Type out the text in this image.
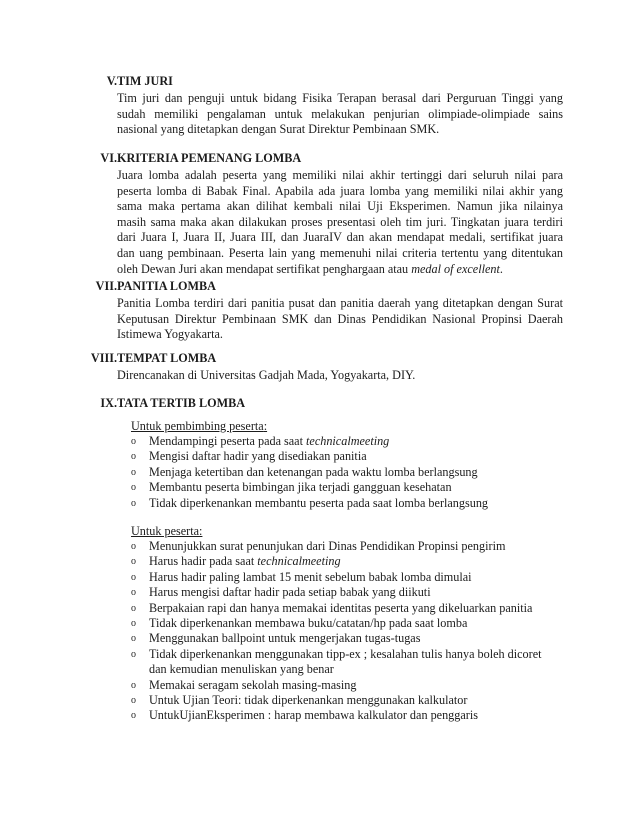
V. TIM JURI
Tim juri dan penguji untuk bidang Fisika Terapan berasal dari Perguruan Tinggi yang
sudah memiliki pengalaman untuk melakukan penjurian olimpiade-olimpiade sains
nasional yang ditetapkan dengan Surat Direktur Pembinaan SMK.
VI. KRITERIA PEMENANG LOMBA
Juara lomba adalah peserta yang memiliki nilai akhir tertinggi dari seluruh nilai para
peserta lomba di Babak Final. Apabila ada juara lomba yang memiliki nilai akhir yang
sama maka pertama akan dilihat kembali nilai Uji Eksperimen. Namun jika nilainya
masih sama maka akan dilakukan proses presentasi oleh tim juri. Tingkatan juara terdiri
dari Juara I, Juara II, Juara III, dan JuaraIV dan akan mendapat medali, sertifikat juara
dan uang pembinaan. Peserta lain yang memenuhi nilai criteria tertentu yang ditentukan
oleh Dewan Juri akan mendapat sertifikat penghargaan atau medal of excellent.
VII. PANITIA LOMBA
Panitia Lomba terdiri dari panitia pusat dan panitia daerah yang ditetapkan dengan Surat
Keputusan Direktur Pembinaan SMK dan Dinas Pendidikan Nasional Propinsi Daerah
Istimewa Yogyakarta.
VIII. TEMPAT LOMBA
Direncanakan di Universitas Gadjah Mada, Yogyakarta, DIY.
IX. TATA TERTIB LOMBA
Untuk pembimbing peserta:
o Mendampingi peserta pada saat technicalmeeting
o Mengisi daftar hadir yang disediakan panitia
o Menjaga ketertiban dan ketenangan pada waktu lomba berlangsung
o Membantu peserta bimbingan jika terjadi gangguan kesehatan
o Tidak diperkenankan membantu peserta pada saat lomba berlangsung
Untuk peserta:
o Menunjukkan surat penunjukan dari Dinas Pendidikan Propinsi pengirim
o Harus hadir pada saat technicalmeeting
o Harus hadir paling lambat 15 menit sebelum babak lomba dimulai
o Harus mengisi daftar hadir pada setiap babak yang diikuti
o Berpakaian rapi dan hanya memakai identitas peserta yang dikeluarkan panitia
o Tidak diperkenankan membawa buku/catatan/hp pada saat lomba
o Menggunakan ballpoint untuk mengerjakan tugas-tugas
o Tidak diperkenankan menggunakan tipp-ex ; kesalahan tulis hanya boleh dicoret
dan kemudian menuliskan yang benar
o Memakai seragam sekolah masing-masing
o Untuk Ujian Teori: tidak diperkenankan menggunakan kalkulator
o UntukUjianEksperimen : harap membawa kalkulator dan penggaris
